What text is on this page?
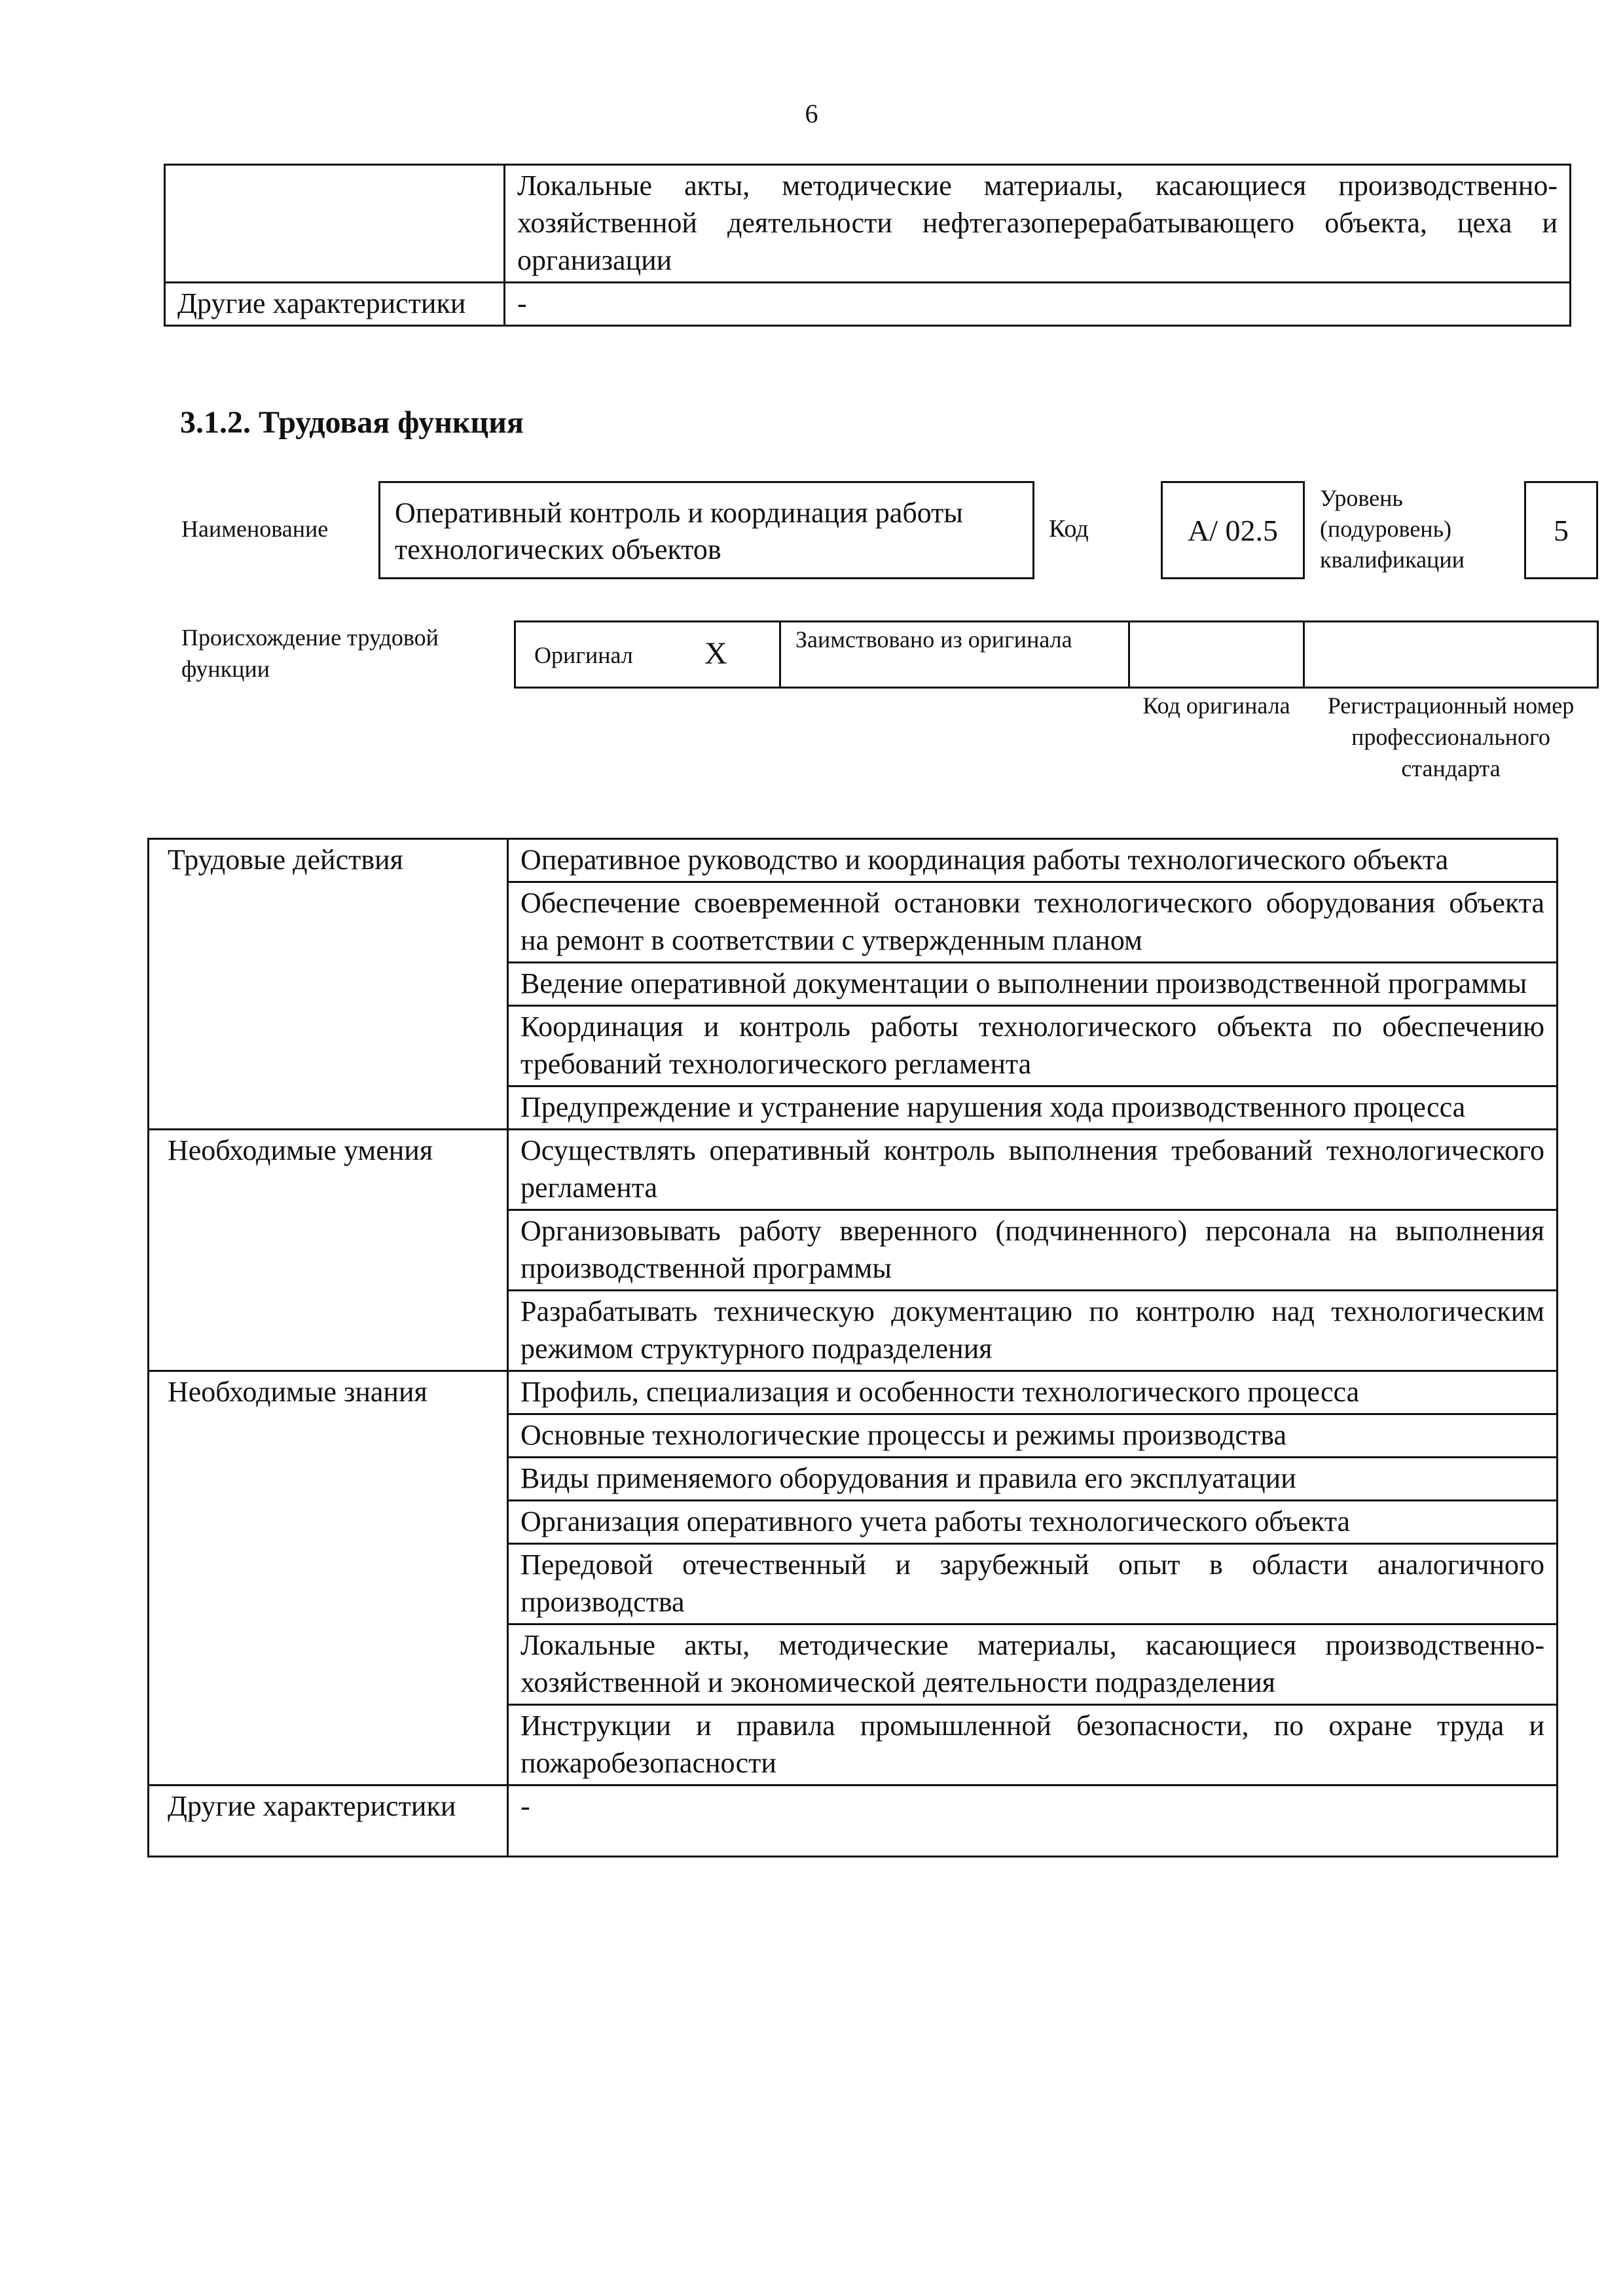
6
	Локальные акты, методические материалы, касающиеся производственно-хозяйственной деятельности нефтегазоперерабатывающего объекта, цеха и организации
Другие характеристики	-
3.1.2. Трудовая функция
Наименование	Оперативный контроль и координация работы технологических объектов
Код	А/ 02.5
Уровень (подуровень) квалификации
5
Происхождение трудовой функции
Оригинал X	Заимствовано из оригинала
Код оригинала	Регистрационный номер профессионального стандарта
Трудовые действия	Оперативное руководство и координация работы технологического объекта
	Обеспечение своевременной остановки технологического оборудования объекта на ремонт в соответствии с утвержденным планом
	Ведение оперативной документации о выполнении производственной программы
	Координация и контроль работы технологического объекта по обеспечению требований технологического регламента
	Предупреждение и устранение нарушения хода производственного процесса
Необходимые умения	Осуществлять оперативный контроль выполнения требований технологического регламента
	Организовывать работу вверенного (подчиненного) персонала на выполнения производственной программы
	Разрабатывать техническую документацию по контролю над технологическим режимом структурного подразделения
Необходимые знания	Профиль, специализация и особенности технологического процесса
	Основные технологические процессы и режимы производства
	Виды применяемого оборудования и правила его эксплуатации
	Организация оперативного учета работы технологического объекта
	Передовой отечественный и зарубежный опыт в области аналогичного производства
	Локальные акты, методические материалы, касающиеся производственно-хозяйственной и экономической деятельности подразделения
	Инструкции и правила промышленной безопасности, по охране труда и пожаробезопасности
Другие характеристики	-
